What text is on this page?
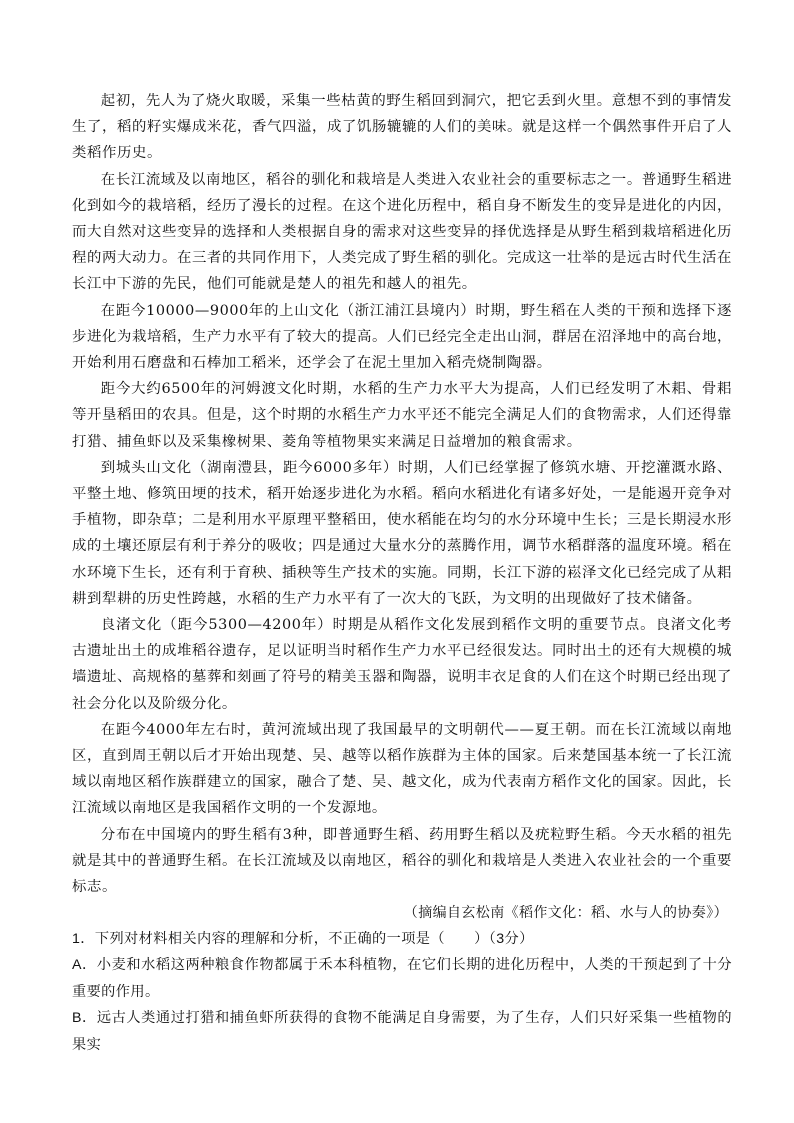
起初，先人为了烧火取暖，采集一些枯黄的野生稻回到洞穴，把它丢到火里。意想不到的事情发生了，稻的籽实爆成米花，香气四溢，成了饥肠辘辘的人们的美味。就是这样一个偶然事件开启了人类稻作历史。

在长江流域及以南地区，稻谷的驯化和栽培是人类进入农业社会的重要标志之一。普通野生稻进化到如今的栽培稻，经历了漫长的过程。在这个进化历程中，稻自身不断发生的变异是进化的内因，而大自然对这些变异的选择和人类根据自身的需求对这些变异的择优选择是从野生稻到栽培稻进化历程的两大动力。在三者的共同作用下，人类完成了野生稻的驯化。完成这一壮举的是远古时代生活在长江中下游的先民，他们可能就是楚人的祖先和越人的祖先。

在距今10000—9000年的上山文化（浙江浦江县境内）时期，野生稻在人类的干预和选择下逐步进化为栽培稻，生产力水平有了较大的提高。人们已经完全走出山洞，群居在沼泽地中的高台地，开始利用石磨盘和石棒加工稻米，还学会了在泥土里加入稻壳烧制陶器。

距今大约6500年的河姆渡文化时期，水稻的生产力水平大为提高，人们已经发明了木耜、骨耜等开垦稻田的农具。但是，这个时期的水稻生产力水平还不能完全满足人们的食物需求，人们还得靠打猎、捕鱼虾以及采集橡树果、菱角等植物果实来满足日益增加的粮食需求。

到城头山文化（湖南澧县，距今6000多年）时期，人们已经掌握了修筑水塘、开挖灌溉水路、平整土地、修筑田埂的技术，稻开始逐步进化为水稻。稻向水稻进化有诸多好处，一是能遏开竞争对手植物，即杂草；二是利用水平原理平整稻田，使水稻能在均匀的水分环境中生长；三是长期浸水形成的土壤还原层有利于养分的吸收；四是通过大量水分的蒸腾作用，调节水稻群落的温度环境。稻在水环境下生长，还有利于育秧、插秧等生产技术的实施。同期，长江下游的崧泽文化已经完成了从耜耕到犁耕的历史性跨越，水稻的生产力水平有了一次大的飞跃，为文明的出现做好了技术储备。

良渚文化（距今5300—4200年）时期是从稻作文化发展到稻作文明的重要节点。良渚文化考古遗址出土的成堆稻谷遗存，足以证明当时稻作生产力水平已经很发达。同时出土的还有大规模的城墙遗址、高规格的墓葬和刻画了符号的精美玉器和陶器，说明丰衣足食的人们在这个时期已经出现了社会分化以及阶级分化。

在距今4000年左右时，黄河流域出现了我国最早的文明朝代——夏王朝。而在长江流域以南地区，直到周王朝以后才开始出现楚、吴、越等以稻作族群为主体的国家。后来楚国基本统一了长江流域以南地区稻作族群建立的国家，融合了楚、吴、越文化，成为代表南方稻作文化的国家。因此，长江流域以南地区是我国稻作文明的一个发源地。

分布在中国境内的野生稻有3种，即普通野生稻、药用野生稻以及疣粒野生稻。今天水稻的祖先就是其中的普通野生稻。在长江流域及以南地区，稻谷的驯化和栽培是人类进入农业社会的一个重要标志。

（摘编自玄松南《稻作文化：稻、水与人的协奏》）

1．下列对材料相关内容的理解和分析，不正确的一项是（　　）（3分）

A．小麦和水稻这两种粮食作物都属于禾本科植物，在它们长期的进化历程中，人类的干预起到了十分重要的作用。

B．远古人类通过打猎和捕鱼虾所获得的食物不能满足自身需要，为了生存，人们只好采集一些植物的果实
